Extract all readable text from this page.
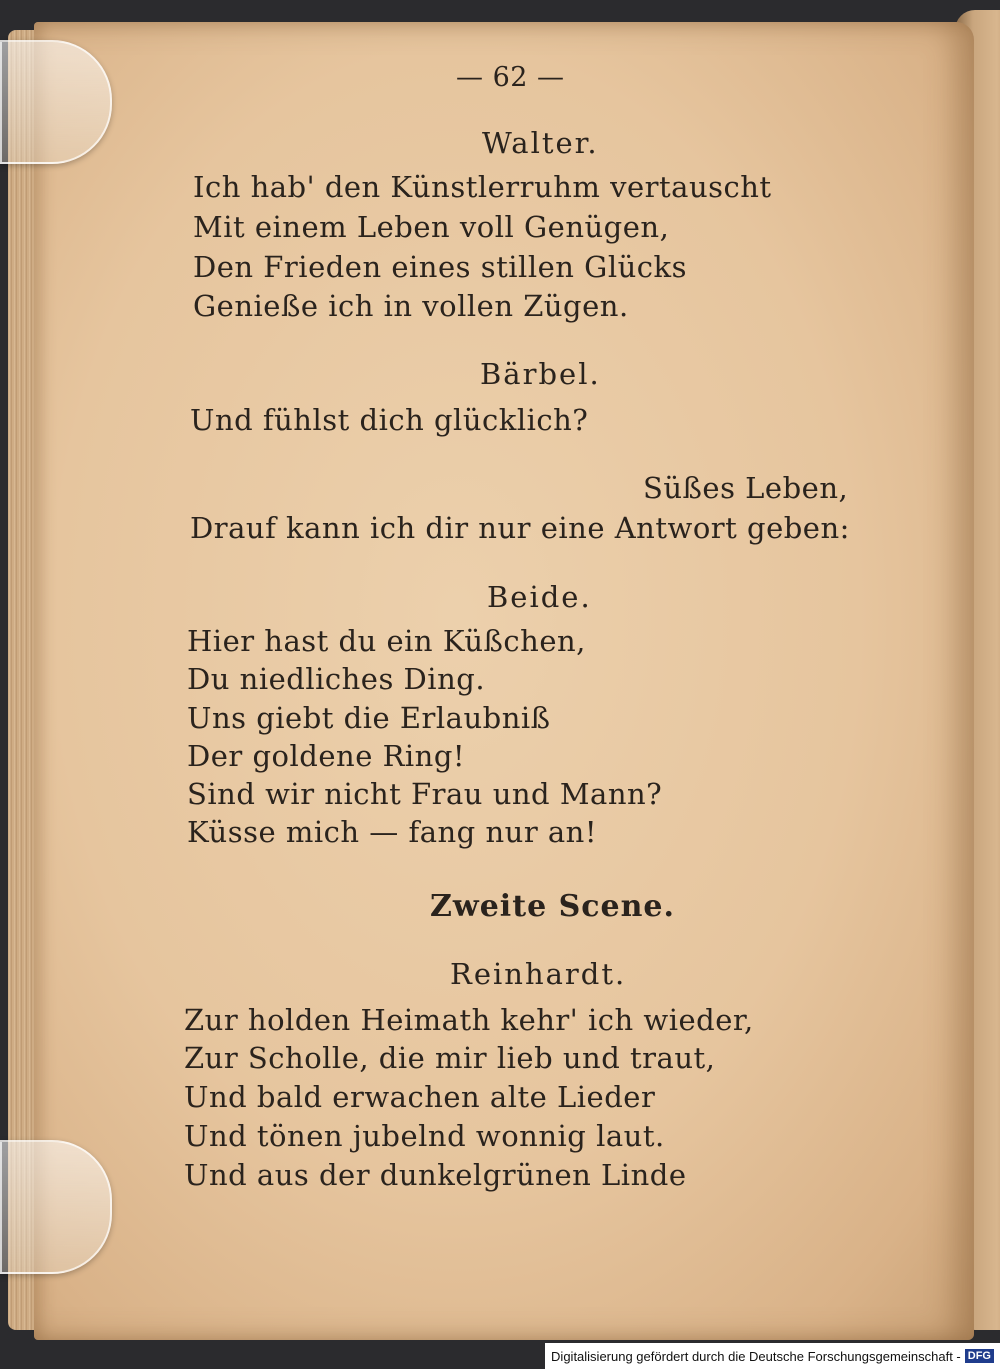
— 62 —
Walter.
Ich hab' den Künstlerruhm vertauscht
Mit einem Leben voll Genügen,
Den Frieden eines stillen Glücks
Genieße ich in vollen Zügen.
Bärbel.
Und fühlst dich glücklich?
Süßes Leben,
Drauf kann ich dir nur eine Antwort geben:
Beide.
Hier hast du ein Küßchen,
Du niedliches Ding.
Uns giebt die Erlaubniß
Der goldene Ring!
Sind wir nicht Frau und Mann?
Küsse mich — fang nur an!
Zweite Scene.
Reinhardt.
Zur holden Heimath kehr' ich wieder,
Zur Scholle, die mir lieb und traut,
Und bald erwachen alte Lieder
Und tönen jubelnd wonnig laut.
Und aus der dunkelgrünen Linde
Digitalisierung gefördert durch die Deutsche Forschungsgemeinschaft - DFG
